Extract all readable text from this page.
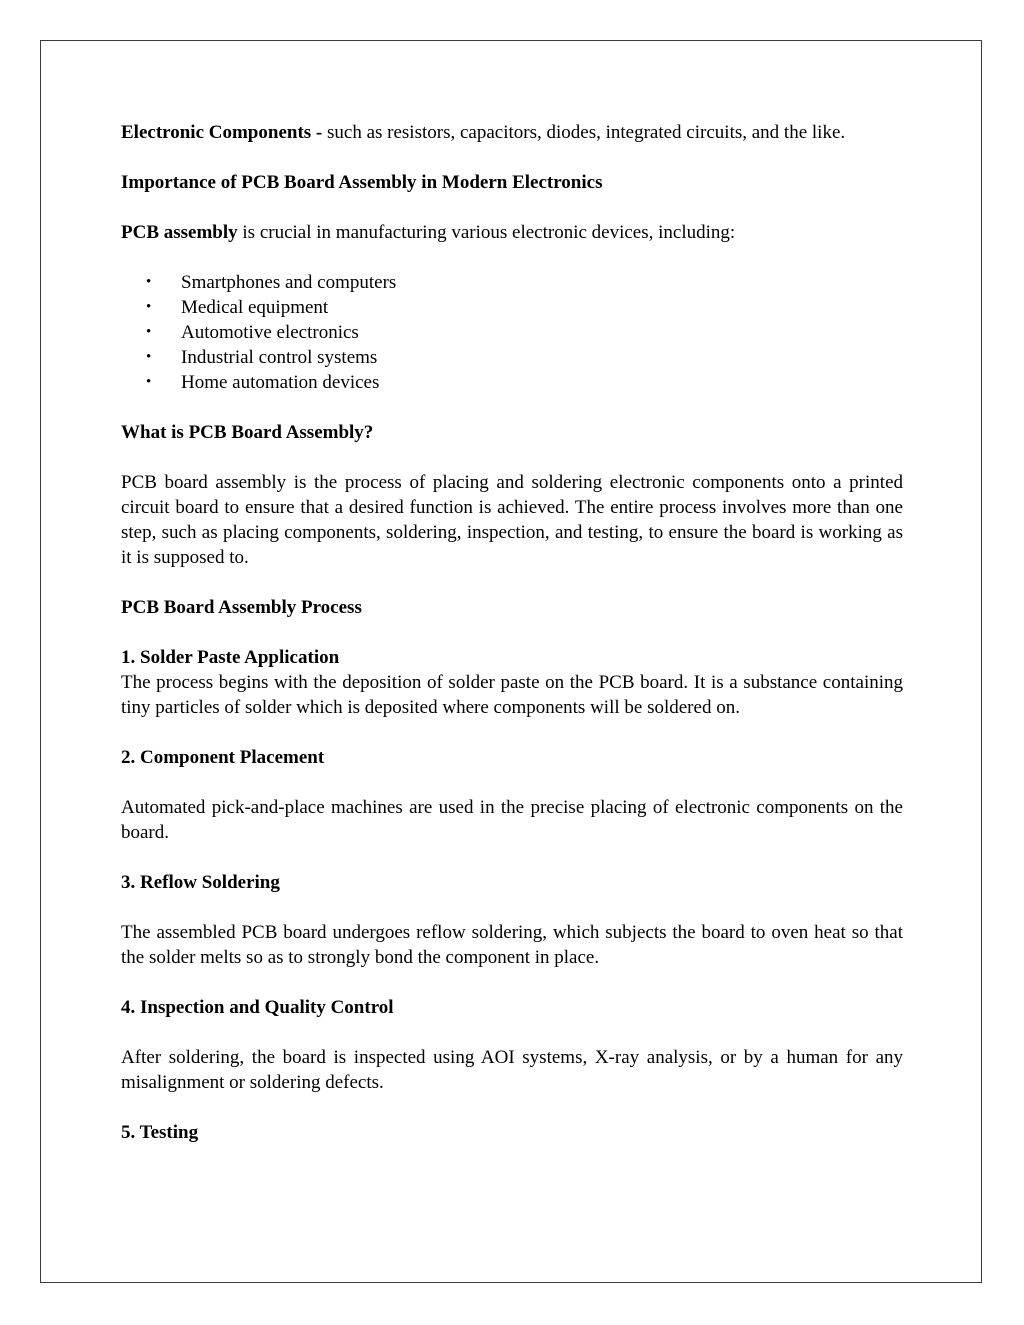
Electronic Components - such as resistors, capacitors, diodes, integrated circuits, and the like.

Importance of PCB Board Assembly in Modern Electronics

PCB assembly is crucial in manufacturing various electronic devices, including:

• Smartphones and computers
• Medical equipment
• Automotive electronics
• Industrial control systems
• Home automation devices

What is PCB Board Assembly?

PCB board assembly is the process of placing and soldering electronic components onto a printed circuit board to ensure that a desired function is achieved. The entire process involves more than one step, such as placing components, soldering, inspection, and testing, to ensure the board is working as it is supposed to.

PCB Board Assembly Process

1. Solder Paste Application

The process begins with the deposition of solder paste on the PCB board. It is a substance containing tiny particles of solder which is deposited where components will be soldered on.

2. Component Placement

Automated pick-and-place machines are used in the precise placing of electronic components on the board.

3. Reflow Soldering

The assembled PCB board undergoes reflow soldering, which subjects the board to oven heat so that the solder melts so as to strongly bond the component in place.

4. Inspection and Quality Control

After soldering, the board is inspected using AOI systems, X-ray analysis, or by a human for any misalignment or soldering defects.

5. Testing
